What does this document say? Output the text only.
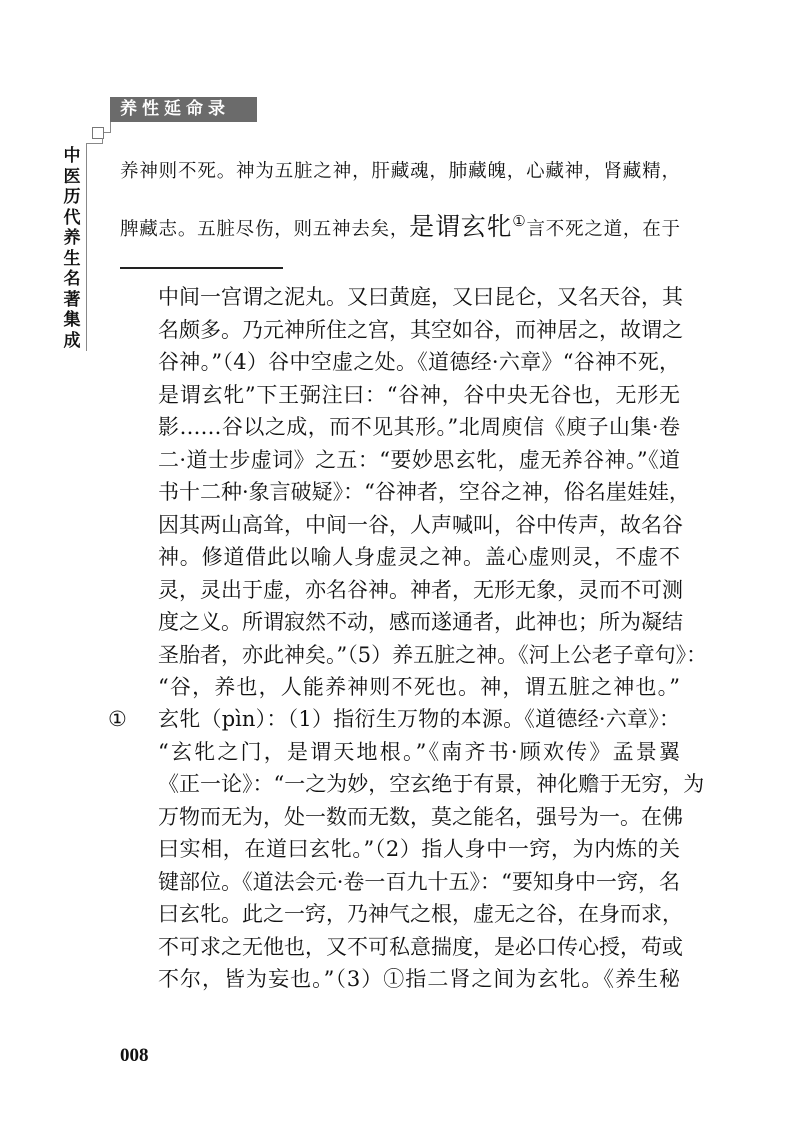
养性延命录
中
医
历
代
养
生
名
著
集
成
养神则不死。神为五脏之神，肝藏魂，肺藏魄，心藏神，肾藏精，
脾藏志。五脏尽伤，则五神去矣，是谓玄牝①言不死之道，在于
中间一宫谓之泥丸。又曰黄庭，又曰昆仑，又名天谷，其
名颇多。乃元神所住之宫，其空如谷，而神居之，故谓之
谷神。”（4）谷中空虚之处。《道德经·六章》“谷神不死，
是谓玄牝”下王弼注曰：“谷神，谷中央无谷也，无形无
影……谷以之成，而不见其形。”北周庾信《庾子山集·卷
二·道士步虚词》之五：“要妙思玄牝，虚无养谷神。”《道
书十二种·象言破疑》：“谷神者，空谷之神，俗名崖娃娃，
因其两山高耸，中间一谷，人声喊叫，谷中传声，故名谷
神。修道借此以喻人身虚灵之神。盖心虚则灵，不虚不
灵，灵出于虚，亦名谷神。神者，无形无象，灵而不可测
度之义。所谓寂然不动，感而遂通者，此神也；所为凝结
圣胎者，亦此神矣。”（5）养五脏之神。《河上公老子章句》：
“谷，养也，人能养神则不死也。神，谓五脏之神也。”
① 玄牝（pìn）：（1）指衍生万物的本源。《道德经·六章》：
“玄牝之门，是谓天地根。”《南齐书·顾欢传》孟景翼
《正一论》：“一之为妙，空玄绝于有景，神化赡于无穷，为
万物而无为，处一数而无数，莫之能名，强号为一。在佛
曰实相，在道曰玄牝。”（2）指人身中一窍，为内炼的关
键部位。《道法会元·卷一百九十五》：“要知身中一窍，名
曰玄牝。此之一窍，乃神气之根，虚无之谷，在身而求，
不可求之无他也，又不可私意揣度，是必口传心授，苟或
不尔，皆为妄也。”（3）①指二肾之间为玄牝。《养生秘
008
